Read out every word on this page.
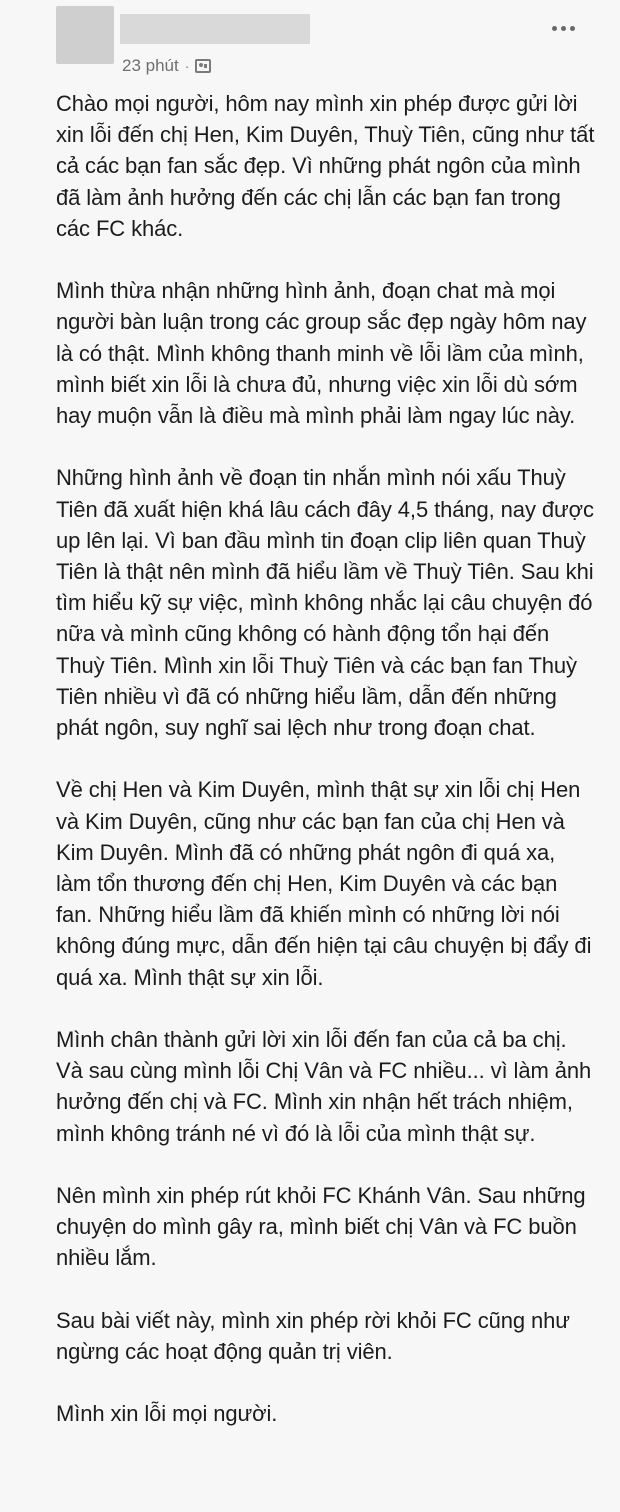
23 phút ·

Chào mọi người, hôm nay mình xin phép được gửi lời xin lỗi đến chị Hen, Kim Duyên, Thuỳ Tiên, cũng như tất cả các bạn fan sắc đẹp. Vì những phát ngôn của mình đã làm ảnh hưởng đến các chị lẫn các bạn fan trong các FC khác.

Mình thừa nhận những hình ảnh, đoạn chat mà mọi người bàn luận trong các group sắc đẹp ngày hôm nay là có thật. Mình không thanh minh về lỗi lầm của mình, mình biết xin lỗi là chưa đủ, nhưng việc xin lỗi dù sớm hay muộn vẫn là điều mà mình phải làm ngay lúc này.

Những hình ảnh về đoạn tin nhắn mình nói xấu Thuỳ Tiên đã xuất hiện khá lâu cách đây 4,5 tháng, nay được up lên lại. Vì ban đầu mình tin đoạn clip liên quan Thuỳ Tiên là thật nên mình đã hiểu lầm về Thuỳ Tiên. Sau khi tìm hiểu kỹ sự việc, mình không nhắc lại câu chuyện đó nữa và mình cũng không có hành động tổn hại đến Thuỳ Tiên. Mình xin lỗi Thuỳ Tiên và các bạn fan Thuỳ Tiên nhiều vì đã có những hiểu lầm, dẫn đến những phát ngôn, suy nghĩ sai lệch như trong đoạn chat.

Về chị Hen và Kim Duyên, mình thật sự xin lỗi chị Hen và Kim Duyên, cũng như các bạn fan của chị Hen và Kim Duyên. Mình đã có những phát ngôn đi quá xa, làm tổn thương đến chị Hen, Kim Duyên và các bạn fan. Những hiểu lầm đã khiến mình có những lời nói không đúng mực, dẫn đến hiện tại câu chuyện bị đẩy đi quá xa. Mình thật sự xin lỗi.

Mình chân thành gửi lời xin lỗi đến fan của cả ba chị. Và sau cùng mình lỗi Chị Vân và FC nhiều... vì làm ảnh hưởng đến chị và FC. Mình xin nhận hết trách nhiệm, mình không tránh né vì đó là lỗi của mình thật sự.

Nên mình xin phép rút khỏi FC Khánh Vân. Sau những chuyện do mình gây ra, mình biết chị Vân và FC buồn nhiều lắm.

Sau bài viết này, mình xin phép rời khỏi FC cũng như ngừng các hoạt động quản trị viên.

Mình xin lỗi mọi người.
